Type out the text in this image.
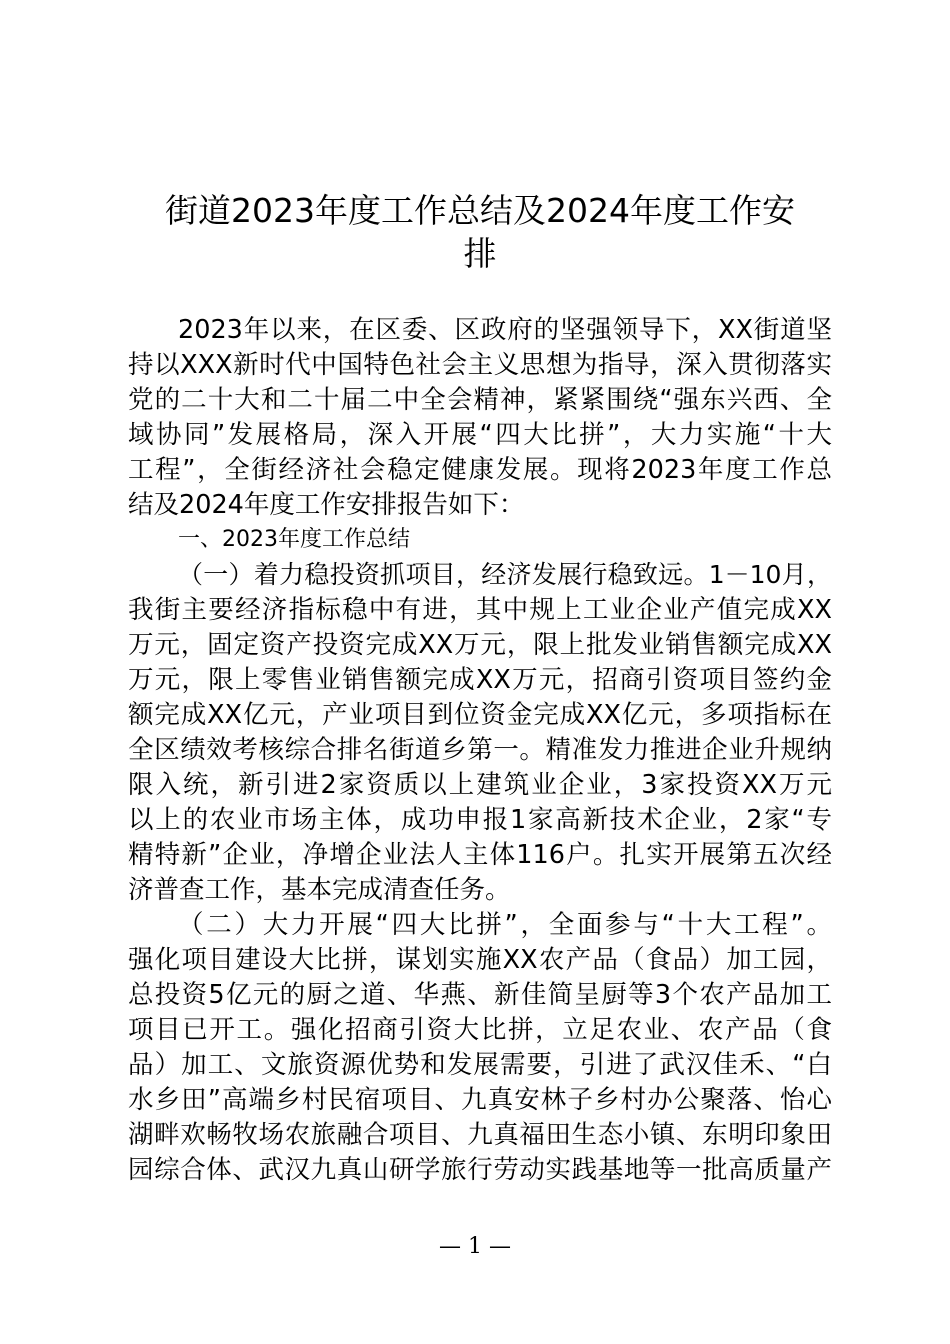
街道2023年度工作总结及2024年度工作安
排
2023年以来，在区委、区政府的坚强领导下，XX街道坚
持以XXX新时代中国特色社会主义思想为指导，深入贯彻落实
党的二十大和二十届二中全会精神，紧紧围绕“强东兴西、全
域协同”发展格局，深入开展“四大比拼”，大力实施“十大
工程”，全街经济社会稳定健康发展。现将2023年度工作总
结及2024年度工作安排报告如下：
一、2023年度工作总结
（一）着力稳投资抓项目，经济发展行稳致远。1－10月，
我街主要经济指标稳中有进，其中规上工业企业产值完成XX
万元，固定资产投资完成XX万元，限上批发业销售额完成XX
万元，限上零售业销售额完成XX万元，招商引资项目签约金
额完成XX亿元，产业项目到位资金完成XX亿元，多项指标在
全区绩效考核综合排名街道乡第一。精准发力推进企业升规纳
限入统，新引进2家资质以上建筑业企业，3家投资XX万元
以上的农业市场主体，成功申报1家高新技术企业，2家“专
精特新”企业，净增企业法人主体116户。扎实开展第五次经
济普查工作，基本完成清查任务。
（二）大力开展“四大比拼”，全面参与“十大工程”。
强化项目建设大比拼，谋划实施XX农产品（食品）加工园，
总投资5亿元的厨之道、华燕、新佳简呈厨等3个农产品加工
项目已开工。强化招商引资大比拼，立足农业、农产品（食
品）加工、文旅资源优势和发展需要，引进了武汉佳禾、“白
水乡田”高端乡村民宿项目、九真安林子乡村办公聚落、怡心
湖畔欢畅牧场农旅融合项目、九真福田生态小镇、东明印象田
园综合体、武汉九真山研学旅行劳动实践基地等一批高质量产
— 1 —
